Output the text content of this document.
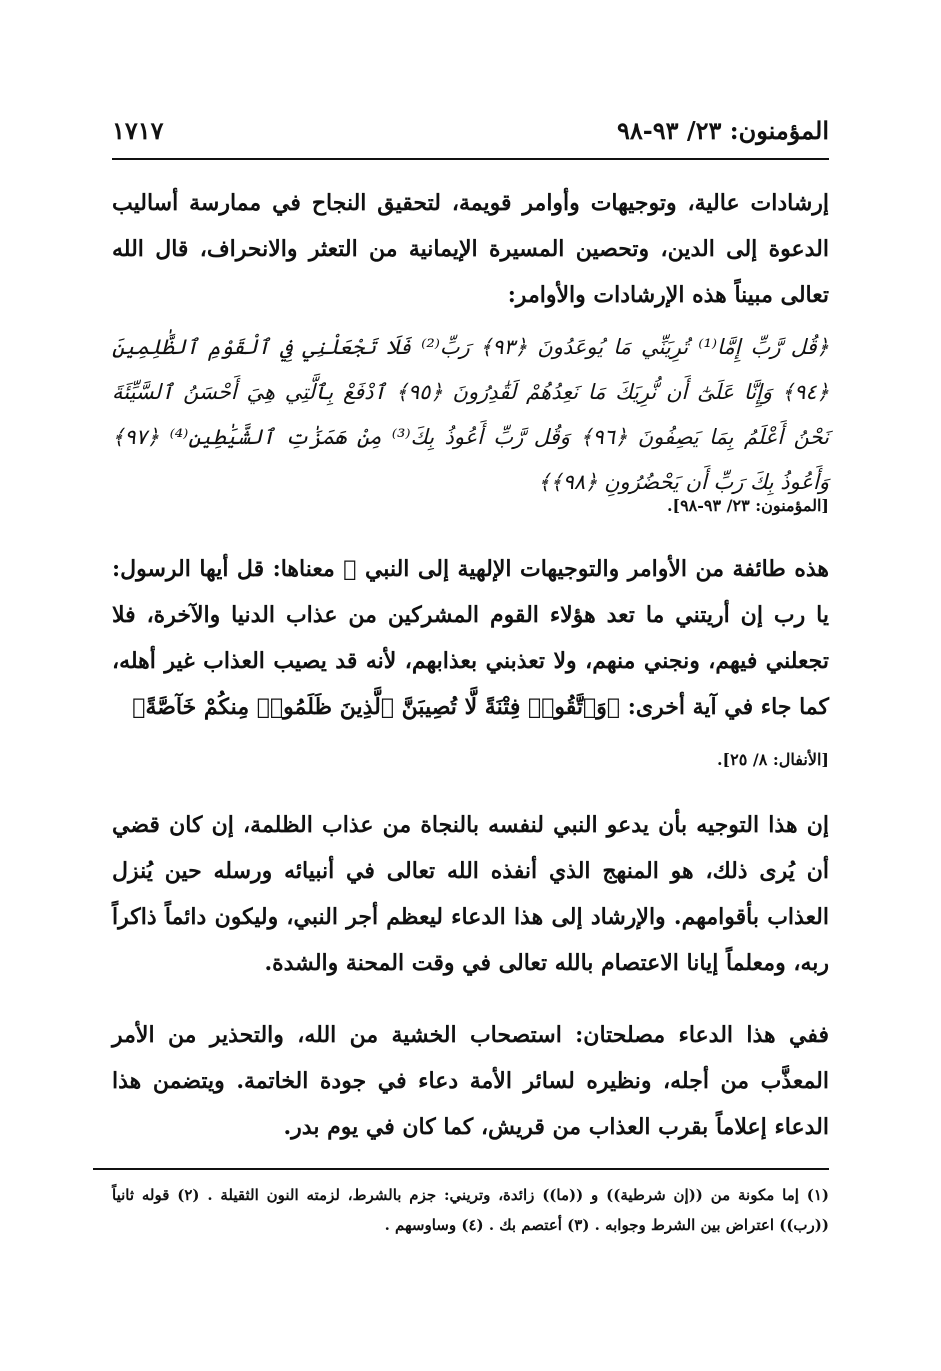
المؤمنون: ٢٣/ ٩٣-٩٨
١٧١٧
إرشادات عالية، وتوجيهات وأوامر قويمة، لتحقيق النجاح في ممارسة أساليب الدعوة إلى الدين، وتحصين المسيرة الإيمانية من التعثر والانحراف، قال الله تعالى مبيناً هذه الإرشادات والأوامر:
﴿قُل رَّبِّ إِمَّا⁽¹⁾ تُرِيَنِّي مَا يُوعَدُونَ ﴿٩٣﴾ رَبِّ⁽²⁾ فَلَا تَجْعَلْنِي فِي ٱلْقَوْمِ ٱلظَّٰلِمِينَ ﴿٩٤﴾ وَإِنَّا عَلَىٰٓ أَن نُّرِيَكَ مَا نَعِدُهُمْ لَقَٰدِرُونَ ﴿٩٥﴾ ٱدْفَعْ بِٱلَّتِي هِيَ أَحْسَنُ ٱلسَّيِّئَةَ نَحْنُ أَعْلَمُ بِمَا يَصِفُونَ ﴿٩٦﴾ وَقُل رَّبِّ أَعُوذُ بِكَ⁽³⁾ مِنْ هَمَزَٰتِ ٱلشَّيَٰطِينِ⁽⁴⁾ ﴿٩٧﴾ وَأَعُوذُ بِكَ رَبِّ أَن يَحْضُرُونِ ﴿٩٨﴾﴾
[المؤمنون: ٢٣/ ٩٣-٩٨].
هذه طائفة من الأوامر والتوجيهات الإلهية إلى النبي ﷺ معناها: قل أيها الرسول: يا رب إن أريتني ما تعد هؤلاء القوم المشركين من عذاب الدنيا والآخرة، فلا تجعلني فيهم، ونجني منهم، ولا تعذبني بعذابهم، لأنه قد يصيب العذاب غير أهله، كما جاء في آية أخرى: ﴿وَٱتَّقُوا۟ فِتْنَةً لَّا تُصِيبَنَّ ٱلَّذِينَ ظَلَمُوا۟ مِنكُمْ خَآصَّةً﴾
[الأنفال: ٨/ ٢٥].
إن هذا التوجيه بأن يدعو النبي لنفسه بالنجاة من عذاب الظلمة، إن كان قضي أن يُرى ذلك، هو المنهج الذي أنفذه الله تعالى في أنبيائه ورسله حين يُنزل العذاب بأقوامهم. والإرشاد إلى هذا الدعاء ليعظم أجر النبي، وليكون دائماً ذاكراً ربه، ومعلماً إيانا الاعتصام بالله تعالى في وقت المحنة والشدة.
ففي هذا الدعاء مصلحتان: استصحاب الخشية من الله، والتحذير من الأمر المعذَّب من أجله، ونظيره لسائر الأمة دعاء في جودة الخاتمة. ويتضمن هذا الدعاء إعلاماً بقرب العذاب من قريش، كما كان في يوم بدر.
(١) إما مكونة من ((إن شرطية)) و ((ما)) زائدة، وتريني: جزم بالشرط، لزمته النون الثقيلة . (٢) قوله ثانياً ((رب)) اعتراض بين الشرط وجوابه . (٣) أعتصم بك . (٤) وساوسهم .
